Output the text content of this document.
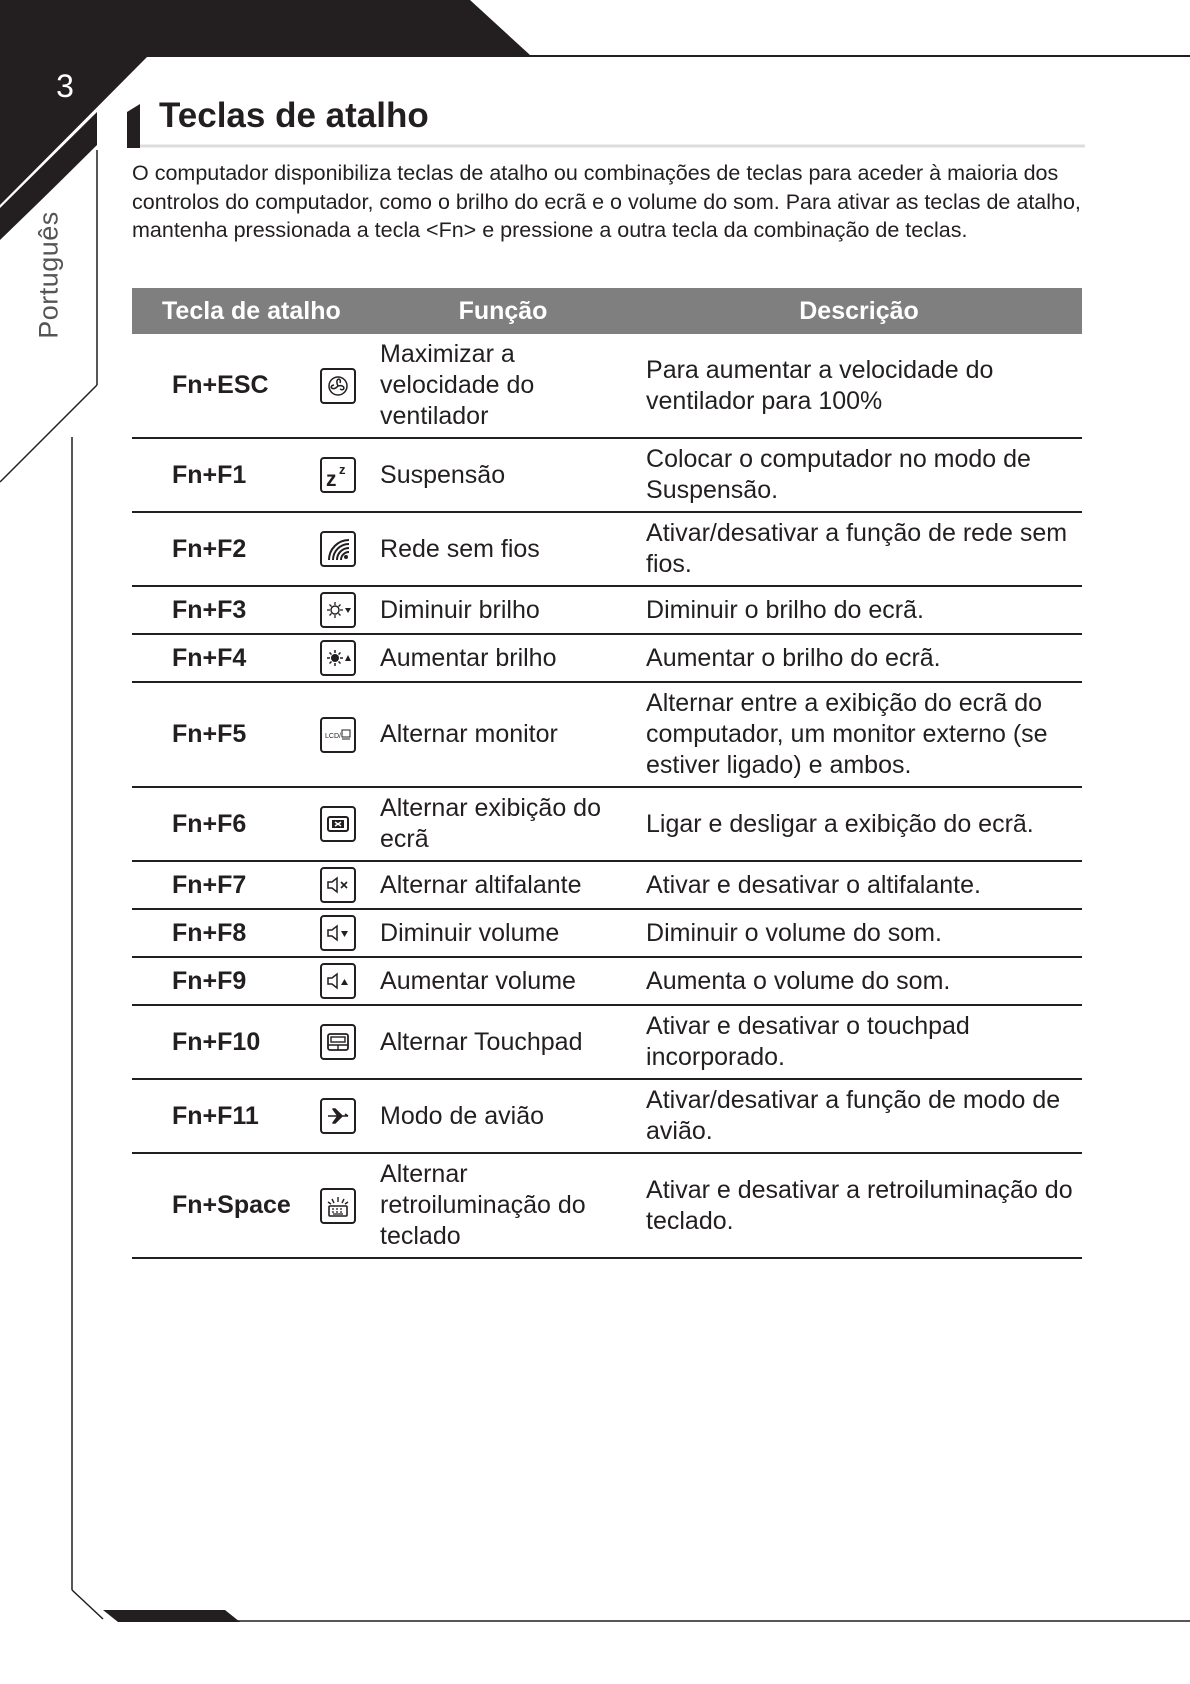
3
Português
Teclas de atalho

O computador disponibiliza teclas de atalho ou combinações de teclas para aceder à maioria dos controlos do computador, como o brilho do ecrã e o volume do som. Para ativar as teclas de atalho, mantenha pressionada a tecla <Fn> e pressione a outra tecla da combinação de teclas.

Tecla de atalho		Função	Descrição
Fn+ESC		Maximizar a velocidade do ventilador	Para aumentar a velocidade do ventilador para 100%
Fn+F1	z z	Suspensão	Colocar o computador no modo de Suspensão.
Fn+F2		Rede sem fios	Ativar/desativar a função de rede sem fios.
Fn+F3		Diminuir brilho	Diminuir o brilho do ecrã.
Fn+F4		Aumentar brilho	Aumentar o brilho do ecrã.
Fn+F5	LCD/	Alternar monitor	Alternar entre a exibição do ecrã do computador, um monitor externo (se estiver ligado) e ambos.
Fn+F6		Alternar exibição do ecrã	Ligar e desligar a exibição do ecrã.
Fn+F7		Alternar altifalante	Ativar e desativar o altifalante.
Fn+F8		Diminuir volume	Diminuir o volume do som.
Fn+F9		Aumentar volume	Aumenta o volume do som.
Fn+F10		Alternar Touchpad	Ativar e desativar o touchpad incorporado.
Fn+F11		Modo de avião	Ativar/desativar a função de modo de avião.
Fn+Space		Alternar retroiluminação do teclado	Ativar e desativar a retroiluminação do teclado.
